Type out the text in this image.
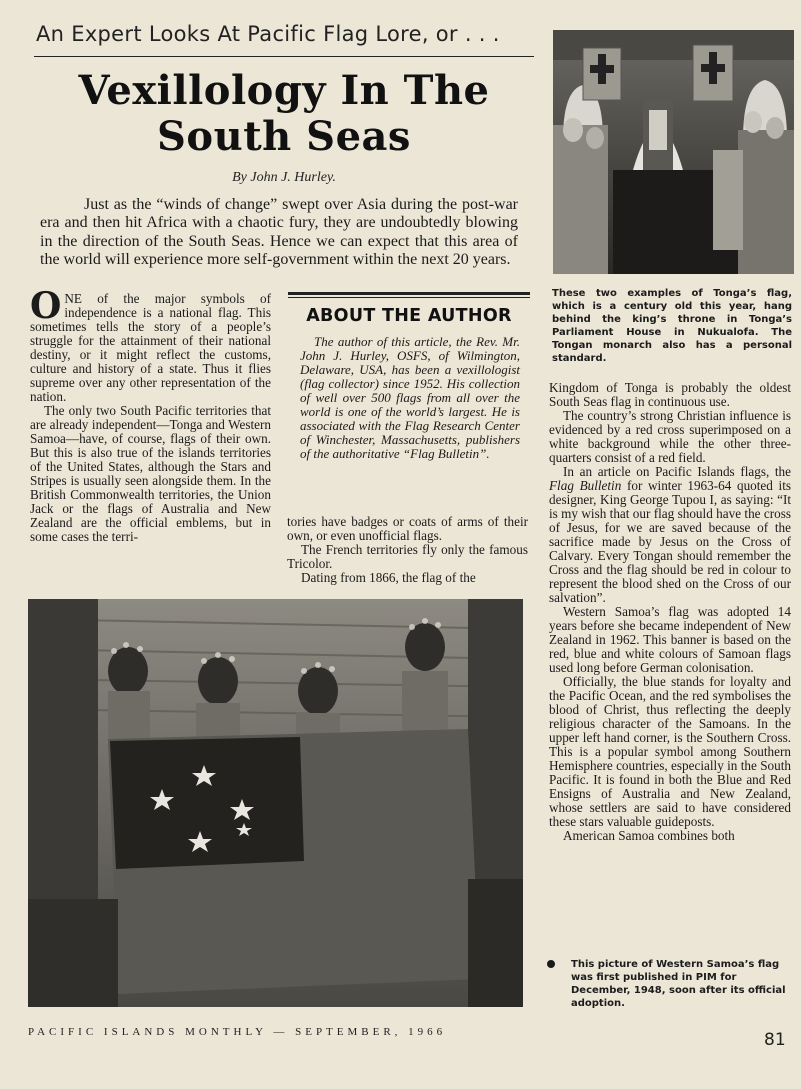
An Expert Looks At Pacific Flag Lore, or . . .
Vexillology In The South Seas
By John J. Hurley.
Just as the “winds of change” swept over Asia during the post-war era and then hit Africa with a chaotic fury, they are undoubtedly blowing in the direction of the South Seas. Hence we can expect that this area of the world will experience more self-government within the next 20 years.
These two examples of Tonga’s flag, which is a century old this year, hang behind the king’s throne in Tonga’s Parliament House in Nukualofa. The Tongan monarch also has a personal standard.

ONE of the major symbols of independence is a national flag. This sometimes tells the story of a people’s struggle for the attainment of their national destiny, or it might reflect the customs, culture and history of a state. Thus it flies supreme over any other representation of the nation.

The only two South Pacific territories that are already independent—Tonga and Western Samoa—have, of course, flags of their own. But this is also true of the islands territories of the United States, although the Stars and Stripes is usually seen alongside them. In the British Commonwealth territories, the Union Jack or the flags of Australia and New Zealand are the official emblems, but in some cases the terri-

ABOUT THE AUTHOR
The author of this article, the Rev. Mr. John J. Hurley, OSFS, of Wilmington, Delaware, USA, has been a vexillologist (flag collector) since 1952. His collection of well over 500 flags from all over the world is one of the world’s largest. He is associated with the Flag Research Center of Winchester, Massachusetts, publishers of the authoritative “Flag Bulletin”.

tories have badges or coats of arms of their own, or even unofficial flags.

The French territories fly only the famous Tricolor.

Dating from 1866, the flag of the

Kingdom of Tonga is probably the oldest South Seas flag in continuous use.

The country’s strong Christian influence is evidenced by a red cross superimposed on a white background while the other three-quarters consist of a red field.

In an article on Pacific Islands flags, the Flag Bulletin for winter 1963-64 quoted its designer, King George Tupou I, as saying: “It is my wish that our flag should have the cross of Jesus, for we are saved because of the sacrifice made by Jesus on the Cross of Calvary. Every Tongan should remember the Cross and the flag should be red in colour to represent the blood shed on the Cross of our salvation”.

Western Samoa’s flag was adopted 14 years before she became independent of New Zealand in 1962. This banner is based on the red, blue and white colours of Samoan flags used long before German colonisation.

Officially, the blue stands for loyalty and the Pacific Ocean, and the red symbolises the blood of Christ, thus reflecting the deeply religious character of the Samoans. In the upper left hand corner, is the Southern Cross. This is a popular symbol among Southern Hemisphere countries, especially in the South Pacific. It is found in both the Blue and Red Ensigns of Australia and New Zealand, whose settlers are said to have considered these stars valuable guideposts.

American Samoa combines both

This picture of Western Samoa’s flag was first published in PIM for December, 1948, soon after its official adoption.
PACIFIC ISLANDS MONTHLY — SEPTEMBER, 1966	81
